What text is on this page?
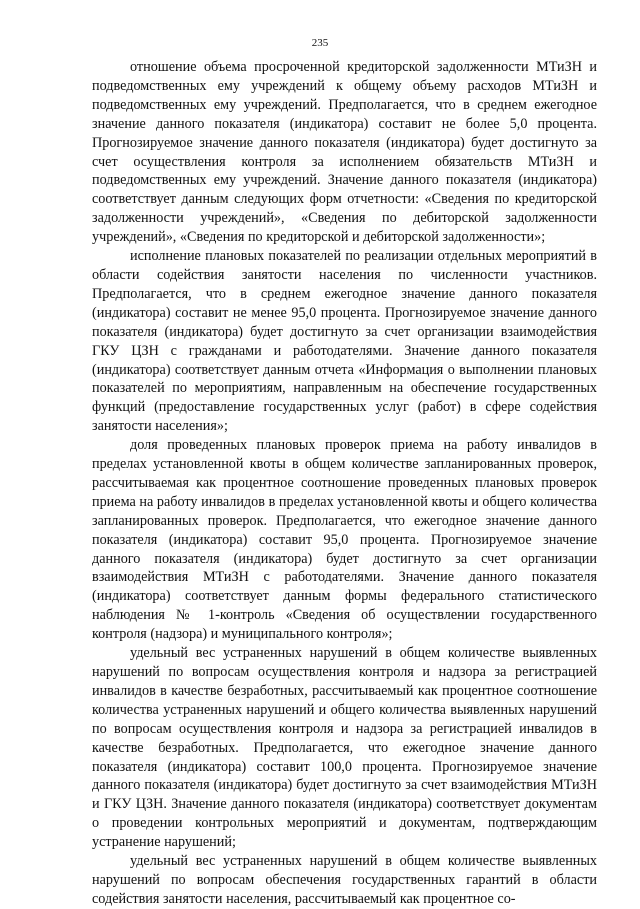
235

отношение объема просроченной кредиторской задолженности МТиЗН и подведомственных ему учреждений к общему объему расходов МТиЗН и подведомственных ему учреждений. Предполагается, что в среднем ежегодное значение данного показателя (индикатора) составит не более 5,0 процента. Прогнозируемое значение данного показателя (индикатора) будет достигнуто за счет осуществления контроля за исполнением обязательств МТиЗН и подведомственных ему учреждений. Значение данного показателя (индикатора) соответствует данным следующих форм отчетности: «Сведения по кредиторской задолженности учреждений», «Сведения по дебиторской задолженности учреждений», «Сведения по кредиторской и дебиторской задолженности»;

исполнение плановых показателей по реализации отдельных мероприятий в области содействия занятости населения по численности участников. Предполагается, что в среднем ежегодное значение данного показателя (индикатора) составит не менее 95,0 процента. Прогнозируемое значение данного показателя (индикатора) будет достигнуто за счет организации взаимодействия ГКУ ЦЗН с гражданами и работодателями. Значение данного показателя (индикатора) соответствует данным отчета «Информация о выполнении плановых показателей по мероприятиям, направленным на обеспечение государственных функций (предоставление государственных услуг (работ) в сфере содействия занятости населения»;

доля проведенных плановых проверок приема на работу инвалидов в пределах установленной квоты в общем количестве запланированных проверок, рассчитываемая как процентное соотношение проведенных плановых проверок приема на работу инвалидов в пределах установленной квоты и общего количества запланированных проверок. Предполагается, что ежегодное значение данного показателя (индикатора) составит 95,0 процента. Прогнозируемое значение данного показателя (индикатора) будет достигнуто за счет организации взаимодействия МТиЗН с работодателями. Значение данного показателя (индикатора) соответствует данным формы федерального статистического наблюдения № 1-контроль «Сведения об осуществлении государственного контроля (надзора) и муниципального контроля»;

удельный вес устраненных нарушений в общем количестве выявленных нарушений по вопросам осуществления контроля и надзора за регистрацией инвалидов в качестве безработных, рассчитываемый как процентное соотношение количества устраненных нарушений и общего количества выявленных нарушений по вопросам осуществления контроля и надзора за регистрацией инвалидов в качестве безработных. Предполагается, что ежегодное значение данного показателя (индикатора) составит 100,0 процента. Прогнозируемое значение данного показателя (индикатора) будет достигнуто за счет взаимодействия МТиЗН и ГКУ ЦЗН. Значение данного показателя (индикатора) соответствует документам о проведении контрольных мероприятий и документам, подтверждающим устранение нарушений;

удельный вес устраненных нарушений в общем количестве выявленных нарушений по вопросам обеспечения государственных гарантий в области содействия занятости населения, рассчитываемый как процентное со-
